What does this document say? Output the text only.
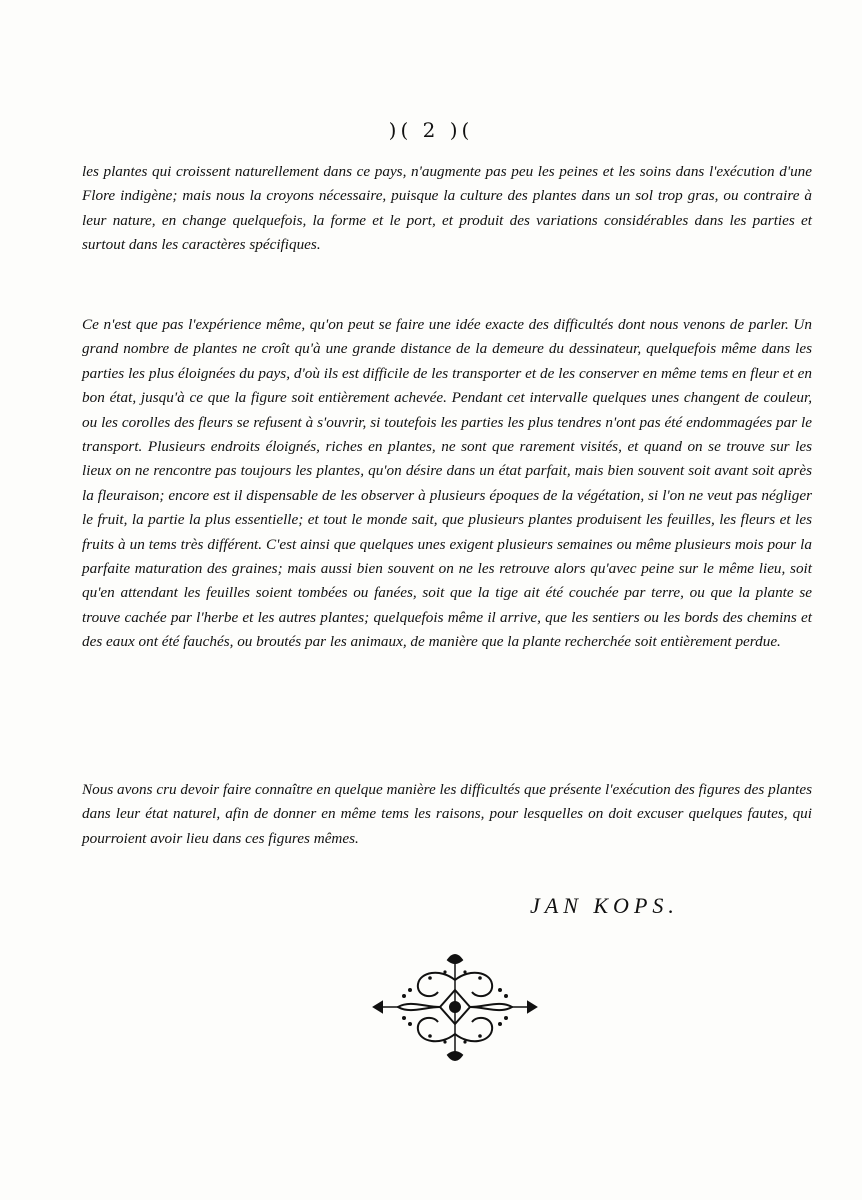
)( 2 )(

les plantes qui croissent naturellement dans ce pays, n'augmente pas peu les peines et les soins dans l'exécution d'une Flore indigène; mais nous la croyons nécessaire, puisque la culture des plantes dans un sol trop gras, ou contraire à leur nature, en change quelquefois, la forme et le port, et produit des variations considérables dans les parties et surtout dans les caractères spécifiques.

Ce n'est que pas l'expérience même, qu'on peut se faire une idée exacte des difficultés dont nous venons de parler. Un grand nombre de plantes ne croît qu'à une grande distance de la demeure du dessinateur, quelquefois même dans les parties les plus éloignées du pays, d'où ils est difficile de les transporter et de les conserver en même tems en fleur et en bon état, jusqu'à ce que la figure soit entièrement achevée. Pendant cet intervalle quelques unes changent de couleur, ou les corolles des fleurs se refusent à s'ouvrir, si toutefois les parties les plus tendres n'ont pas été endommagées par le transport. Plusieurs endroits éloignés, riches en plantes, ne sont que rarement visités, et quand on se trouve sur les lieux on ne rencontre pas toujours les plantes, qu'on désire dans un état parfait, mais bien souvent soit avant soit après la fleuraison; encore est il dispensable de les observer à plusieurs époques de la végétation, si l'on ne veut pas négliger le fruit, la partie la plus essentielle; et tout le monde sait, que plusieurs plantes produisent les feuilles, les fleurs et les fruits à un tems très différent. C'est ainsi que quelques unes exigent plusieurs semaines ou même plusieurs mois pour la parfaite maturation des graines; mais aussi bien souvent on ne les retrouve alors qu'avec peine sur le même lieu, soit qu'en attendant les feuilles soient tombées ou fanées, soit que la tige ait été couchée par terre, ou que la plante se trouve cachée par l'herbe et les autres plantes; quelquefois même il arrive, que les sentiers ou les bords des chemins et des eaux ont été fauchés, ou broutés par les animaux, de manière que la plante recherchée soit entièrement perdue.

Nous avons cru devoir faire connaître en quelque manière les difficultés que présente l'exécution des figures des plantes dans leur état naturel, afin de donner en même tems les raisons, pour lesquelles on doit excuser quelques fautes, qui pourroient avoir lieu dans ces figures mêmes.

JAN KOPS.
